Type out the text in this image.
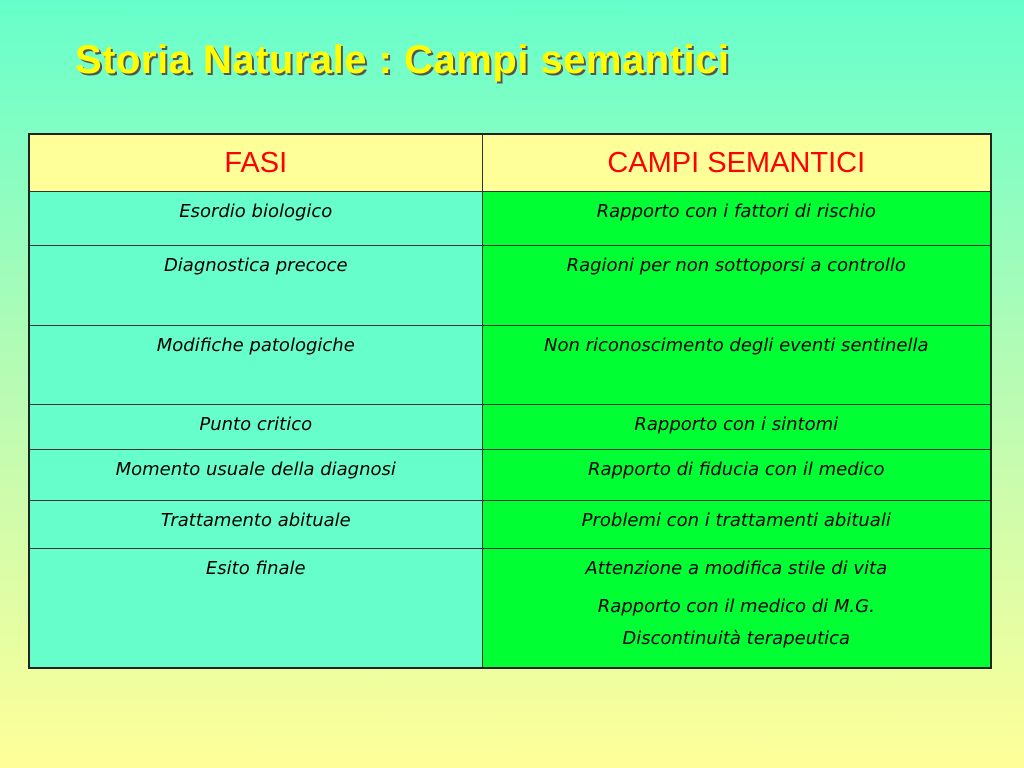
Storia Naturale : Campi semantici
FASI	CAMPI SEMANTICI
Esordio biologico	Rapporto con i fattori di rischio
Diagnostica precoce	Ragioni per non sottoporsi a controllo
Modifiche patologiche	Non riconoscimento degli eventi sentinella
Punto critico	Rapporto con i sintomi
Momento usuale della diagnosi	Rapporto di fiducia con il medico
Trattamento abituale	Problemi con i trattamenti abituali
Esito finale	Attenzione a modifica stile di vita
Rapporto con il medico di M.G.
Discontinuità terapeutica
